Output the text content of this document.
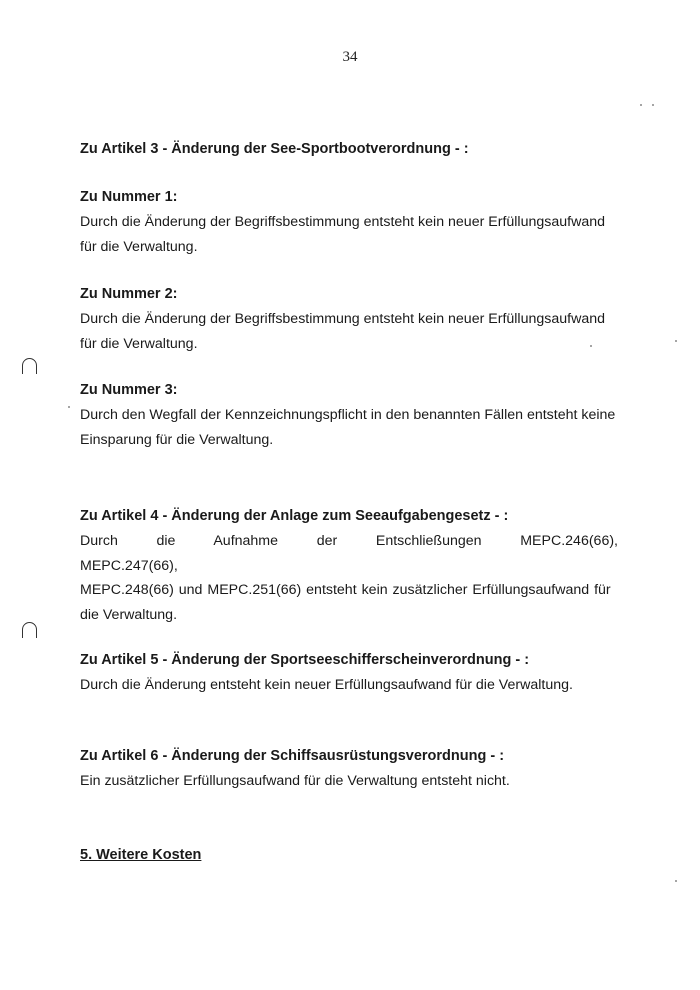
34

Zu Artikel 3 - Änderung der See-Sportbootverordnung - :

Zu Nummer 1:

Durch die Änderung der Begriffsbestimmung entsteht kein neuer Erfüllungsaufwand

für die Verwaltung.

Zu Nummer 2:

Durch die Änderung der Begriffsbestimmung entsteht kein neuer Erfüllungsaufwand

für die Verwaltung.

Zu Nummer 3:

Durch den Wegfall der Kennzeichnungspflicht in den benannten Fällen entsteht keine

Einsparung für die Verwaltung.

Zu Artikel 4 - Änderung der Anlage zum Seeaufgabengesetz - :

Durch die Aufnahme der Entschließungen MEPC.246(66), MEPC.247(66),

MEPC.248(66) und MEPC.251(66) entsteht kein zusätzlicher Erfüllungsaufwand für

die Verwaltung.

Zu Artikel 5 - Änderung der Sportseeschifferscheinverordnung - :

Durch die Änderung entsteht kein neuer Erfüllungsaufwand für die Verwaltung.

Zu Artikel 6 - Änderung der Schiffsausrüstungsverordnung - :

Ein zusätzlicher Erfüllungsaufwand für die Verwaltung entsteht nicht.

5. Weitere Kosten
